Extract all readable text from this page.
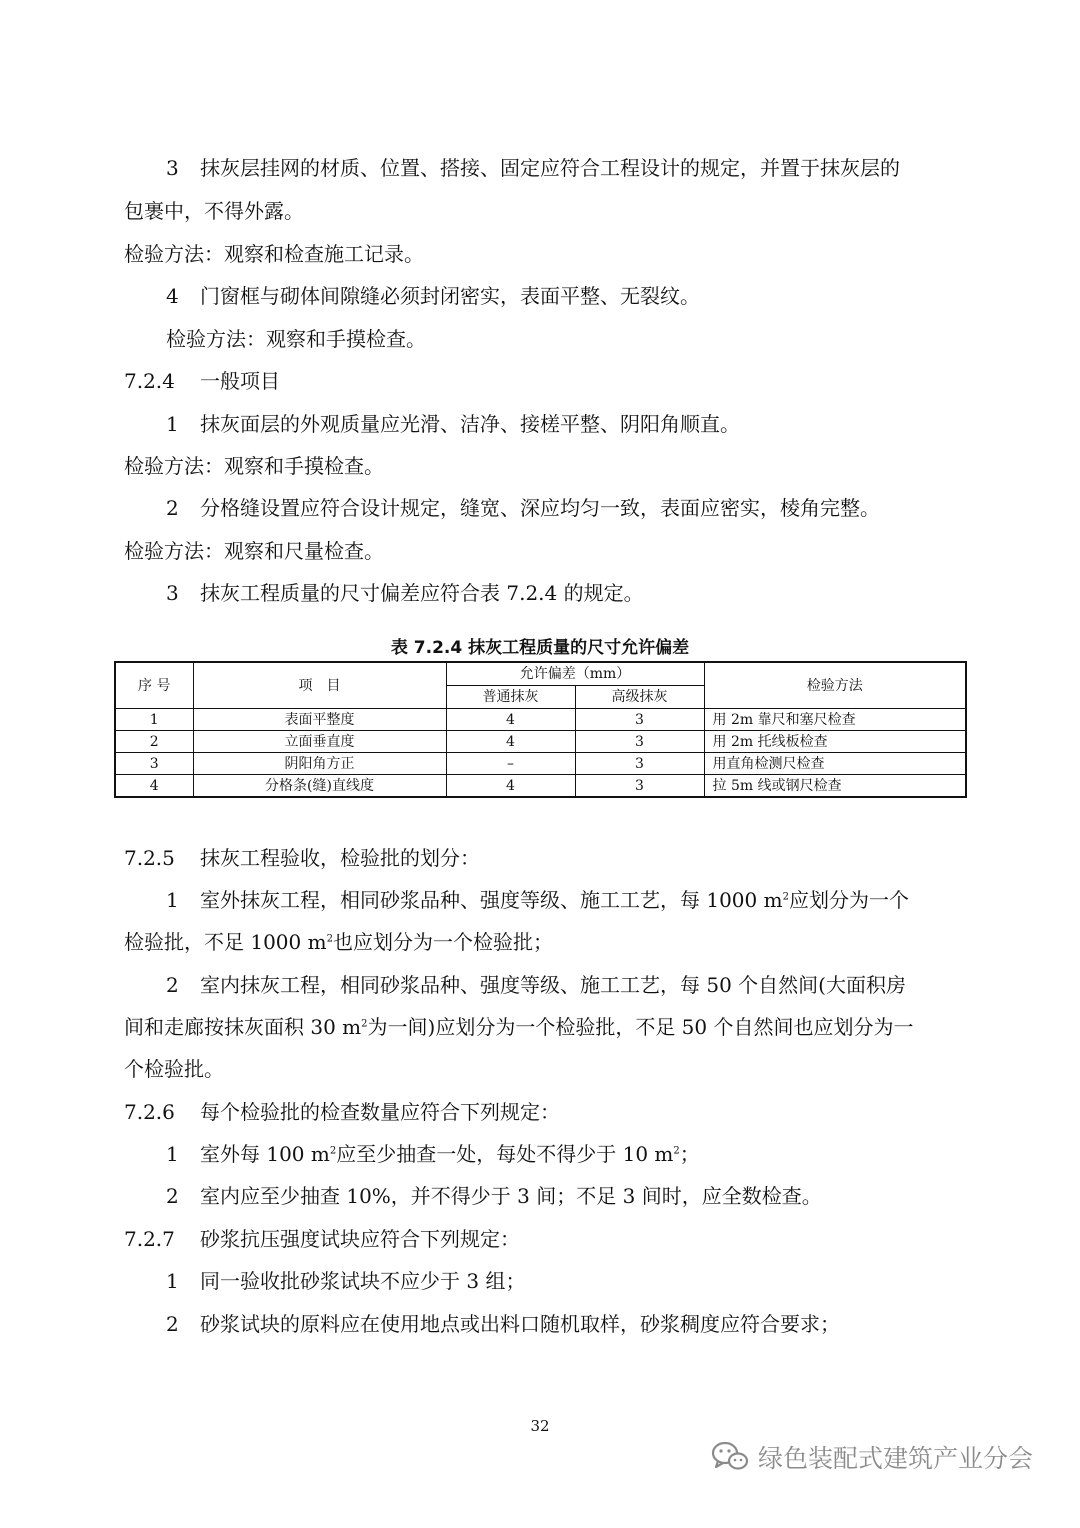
3 抹灰层挂网的材质、位置、搭接、固定应符合工程设计的规定，并置于抹灰层的
包裹中，不得外露。
检验方法：观察和检查施工记录。
4 门窗框与砌体间隙缝必须封闭密实，表面平整、无裂纹。
检验方法：观察和手摸检查。
7.2.4 一般项目
1 抹灰面层的外观质量应光滑、洁净、接槎平整、阴阳角顺直。
检验方法：观察和手摸检查。
2 分格缝设置应符合设计规定，缝宽、深应均匀一致，表面应密实，棱角完整。
检验方法：观察和尺量检查。
3 抹灰工程质量的尺寸偏差应符合表 7.2.4 的规定。
表 7.2.4 抹灰工程质量的尺寸允许偏差
序 号	项　目	允许偏差（mm）		检验方法
		普通抹灰	高级抹灰	
1	表面平整度	4	3	用 2m 靠尺和塞尺检查
2	立面垂直度	4	3	用 2m 托线板检查
3	阴阳角方正	–	3	用直角检测尺检查
4	分格条(缝)直线度	4	3	拉 5m 线或钢尺检查
7.2.5 抹灰工程验收，检验批的划分：
1 室外抹灰工程，相同砂浆品种、强度等级、施工工艺，每 1000 $m^2$应划分为一个
检验批，不足 1000 $m^2$也应划分为一个检验批；
2 室内抹灰工程，相同砂浆品种、强度等级、施工工艺，每 50 个自然间(大面积房
间和走廊按抹灰面积 30 $m^2$为一间)应划分为一个检验批，不足 50 个自然间也应划分为一
个检验批。
7.2.6 每个检验批的检查数量应符合下列规定：
1 室外每 100 $m^2$应至少抽查一处，每处不得少于 10 $m^2$；
2 室内应至少抽查 10%，并不得少于 3 间；不足 3 间时，应全数检查。
7.2.7 砂浆抗压强度试块应符合下列规定：
1 同一验收批砂浆试块不应少于 3 组；
2 砂浆试块的原料应在使用地点或出料口随机取样，砂浆稠度应符合要求；
32
绿色装配式建筑产业分会
